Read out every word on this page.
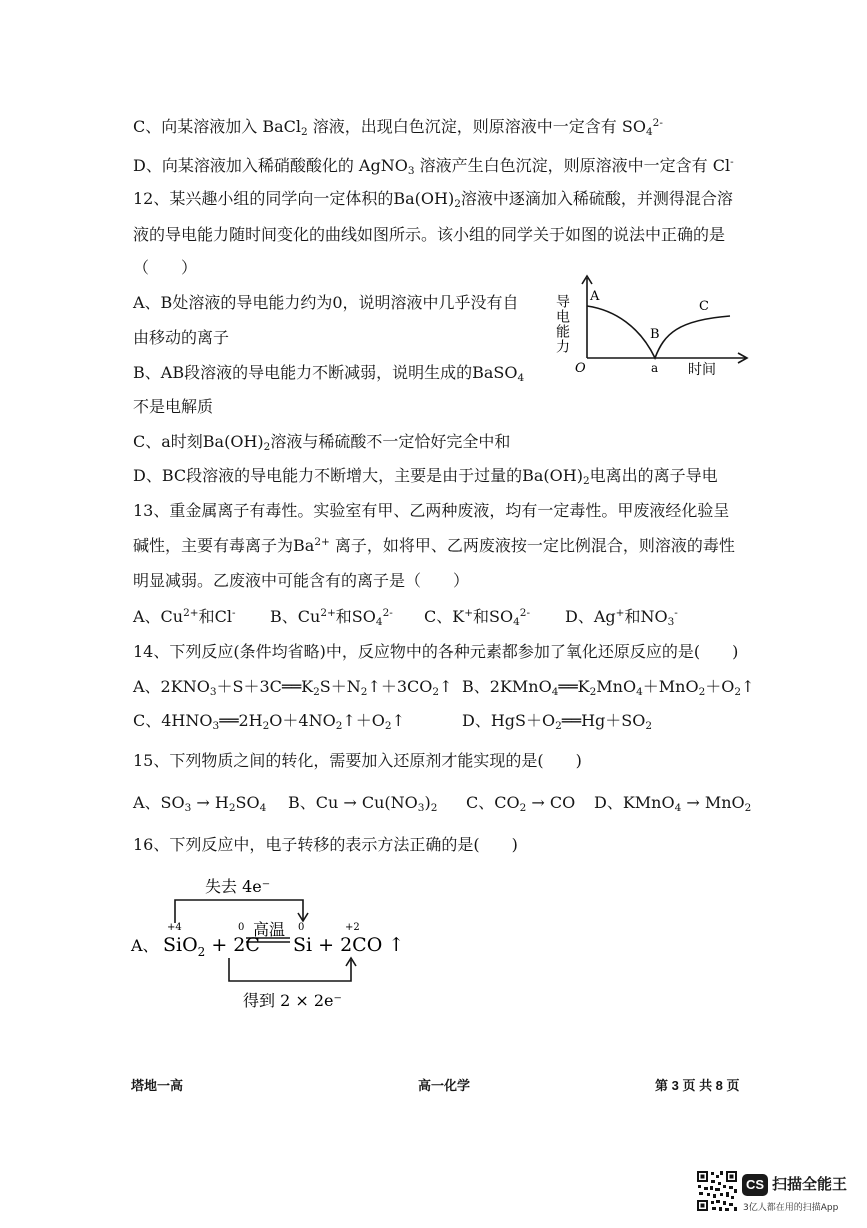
C、向某溶液加入 BaCl$_2$ 溶液，出现白色沉淀，则原溶液中一定含有 $SO_4^{2-}$
D、向某溶液加入稀硝酸酸化的 AgNO$_3$ 溶液产生白色沉淀，则原溶液中一定含有 Cl-
12、某兴趣小组的同学向一定体积的$Ba(OH)_2$溶液中逐滴加入稀硫酸，并测得混合溶
液的导电能力随时间变化的曲线如图所示。该小组的同学关于如图的说法中正确的是
（　　）
A、B处溶液的导电能力约为0，说明溶液中几乎没有自
由移动的离子
B、AB段溶液的导电能力不断减弱，说明生成的BaSO$_4$
不是电解质
C、a时刻$Ba(OH)_2$溶液与稀硫酸不一定恰好完全中和
D、BC段溶液的导电能力不断增大，主要是由于过量的$Ba(OH)_2$电离出的离子导电
导电能力 A
B
C
O	a 时间
13、重金属离子有毒性。实验室有甲、乙两种废液，均有一定毒性。甲废液经化验呈
碱性，主要有毒离子为$Ba^{2+}$ 离子，如将甲、乙两废液按一定比例混合，则溶液的毒性
明显减弱。乙废液中可能含有的离子是（　　）
A、$Cu^{2+}$和Cl- B、$Cu^{2+}$和$SO_4^{2-}$ C、K+和$SO_4^{2-}$ D、Ag+和$NO_3^-$
14、下列反应(条件均省略)中，反应物中的各种元素都参加了氧化还原反应的是(　　)
A、$2KNO_3+S+3C══K_2S+N_2↑+3CO_2↑$ B、$2KMnO_4══K_2MnO_4+MnO_2+O_2↑$
C、$4HNO_3══2H_2O+4NO_2↑+O_2↑$	D、$HgS+O_2══Hg+SO_2$
15、下列物质之间的转化，需要加入还原剂才能实现的是(　　)
A、$SO_3 \to H_2SO_4$ B、$Cu \to Cu(NO_3)_2$ C、$CO_2$ → CO D、KMnO$_4$ → MnO$_2$
16、下列反应中，电子转移的表示方法正确的是(　　)
失去 4e⁻
得到 2 × 2e⁻
高温
+4	0	0	+2
A、 SiO$_2$ + 2C Si + 2CO ↑
塔地一高	高一化学	第 3 页 共 8 页
CS 扫描全能王
3亿人都在用的扫描App
